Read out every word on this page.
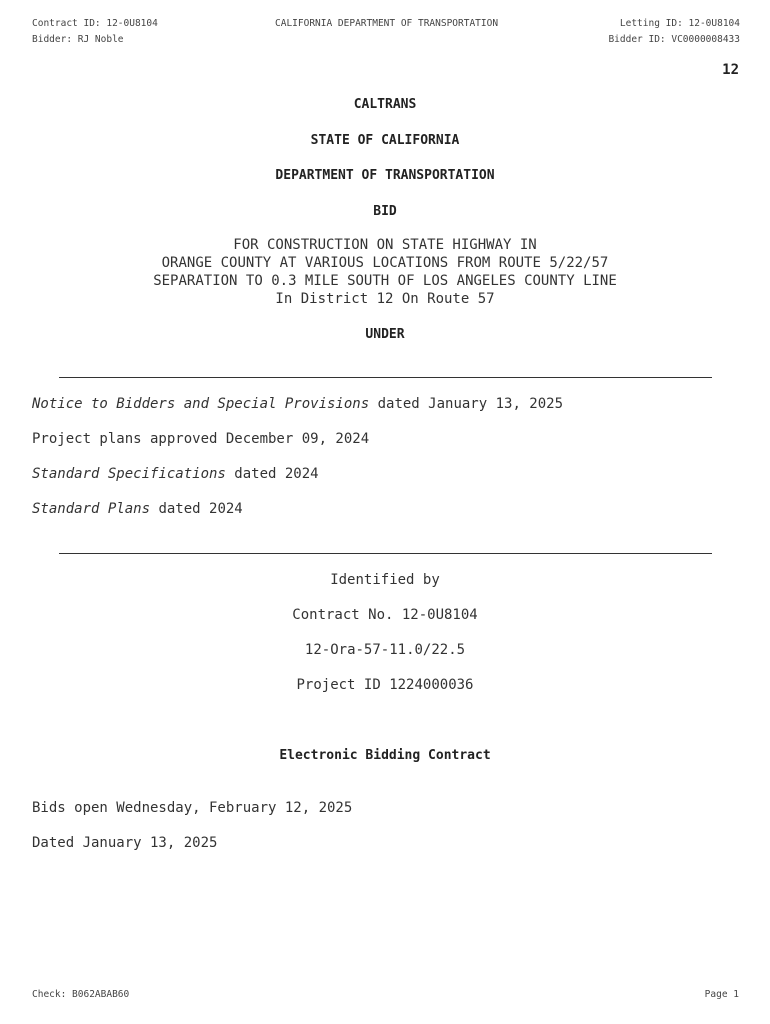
Contract ID: 12-0U8104	CALIFORNIA DEPARTMENT OF TRANSPORTATION	Letting ID: 12-0U8104
Bidder: RJ Noble	Bidder ID: VC0000008433
12
CALTRANS
STATE OF CALIFORNIA
DEPARTMENT OF TRANSPORTATION
BID
FOR CONSTRUCTION ON STATE HIGHWAY IN
ORANGE COUNTY AT VARIOUS LOCATIONS FROM ROUTE 5/22/57
SEPARATION TO 0.3 MILE SOUTH OF LOS ANGELES COUNTY LINE
In District 12 On Route 57
UNDER
Notice to Bidders and Special Provisions dated January 13, 2025
Project plans approved December 09, 2024
Standard Specifications dated 2024
Standard Plans dated 2024
Identified by
Contract No. 12-0U8104
12-Ora-57-11.0/22.5
Project ID 1224000036
Electronic Bidding Contract
Bids open Wednesday, February 12, 2025
Dated January 13, 2025
Check: B062ABAB60	Page 1
